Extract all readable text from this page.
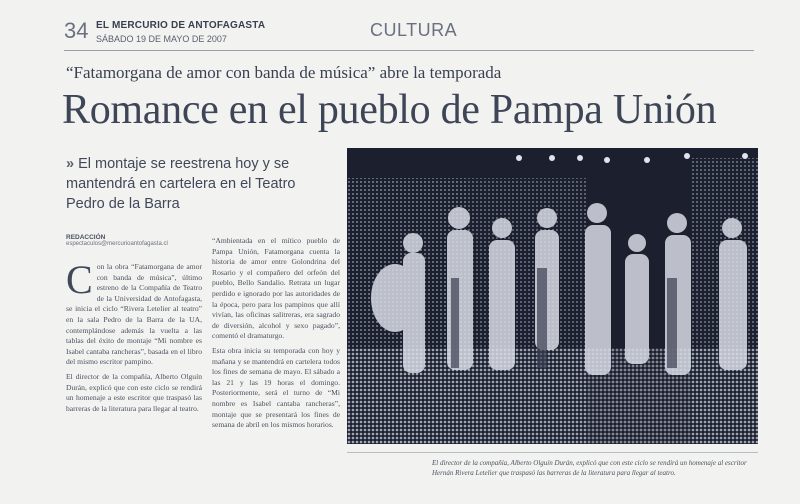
34 EL MERCURIO DE ANTOFAGASTA
SÁBADO 19 DE MAYO DE 2007	CULTURA
“Fatamorgana de amor con banda de música” abre la temporada
Romance en el pueblo de Pampa Unión
» El montaje se reestrena hoy y se mantendrá en cartelera en el Teatro Pedro de la Barra
REDACCIÓN
espectaculos@mercurioantofagasta.cl
C on la obra “Fatamorgana de amor con banda de música”, último estreno de la Compañía de Teatro de la Universidad de Antofagasta, se inicia el ciclo “Rivera Letelier al teatro” en la sala Pedro de la Barra de la UA, contemplándose además la vuelta a las tablas del éxito de montaje “Mi nombre es Isabel cantaba rancheras”, basada en el libro del mismo escritor pampino.

El director de la compañía, Alberto Olguín Durán, explicó que con este ciclo se rendirá un homenaje a este escritor que traspasó las barreras de la literatura para llegar al teatro.

“Ambientada en el mítico pueblo de Pampa Unión, Fatamorgana cuenta la historia de amor entre Golondrina del Rosario y el compañero del orfeón del pueblo, Bello Sandalio. Retrata un lugar perdido e ignorado por las autoridades de la época, pero para los pampinos que allí vivían, las oficinas salitreras, era sagrado de diversión, alcohol y sexo pagado”, comentó el dramaturgo.

Esta obra inicia su temporada con hoy y mañana y se mantendrá en cartelera todos los fines de semana de mayo. El sábado a las 21 y las 19 horas el domingo. Posteriormente, será el turno de “Mi nombre es Isabel cantaba rancheras”, montaje que se presentará los fines de semana de abril en los mismos horarios.

El director de la compañía, Alberto Olguín Durán, explicó que con este ciclo se rendirá un homenaje al escritor Hernán Rivera Letelier que traspasó las barreras de la literatura para llegar al teatro.
